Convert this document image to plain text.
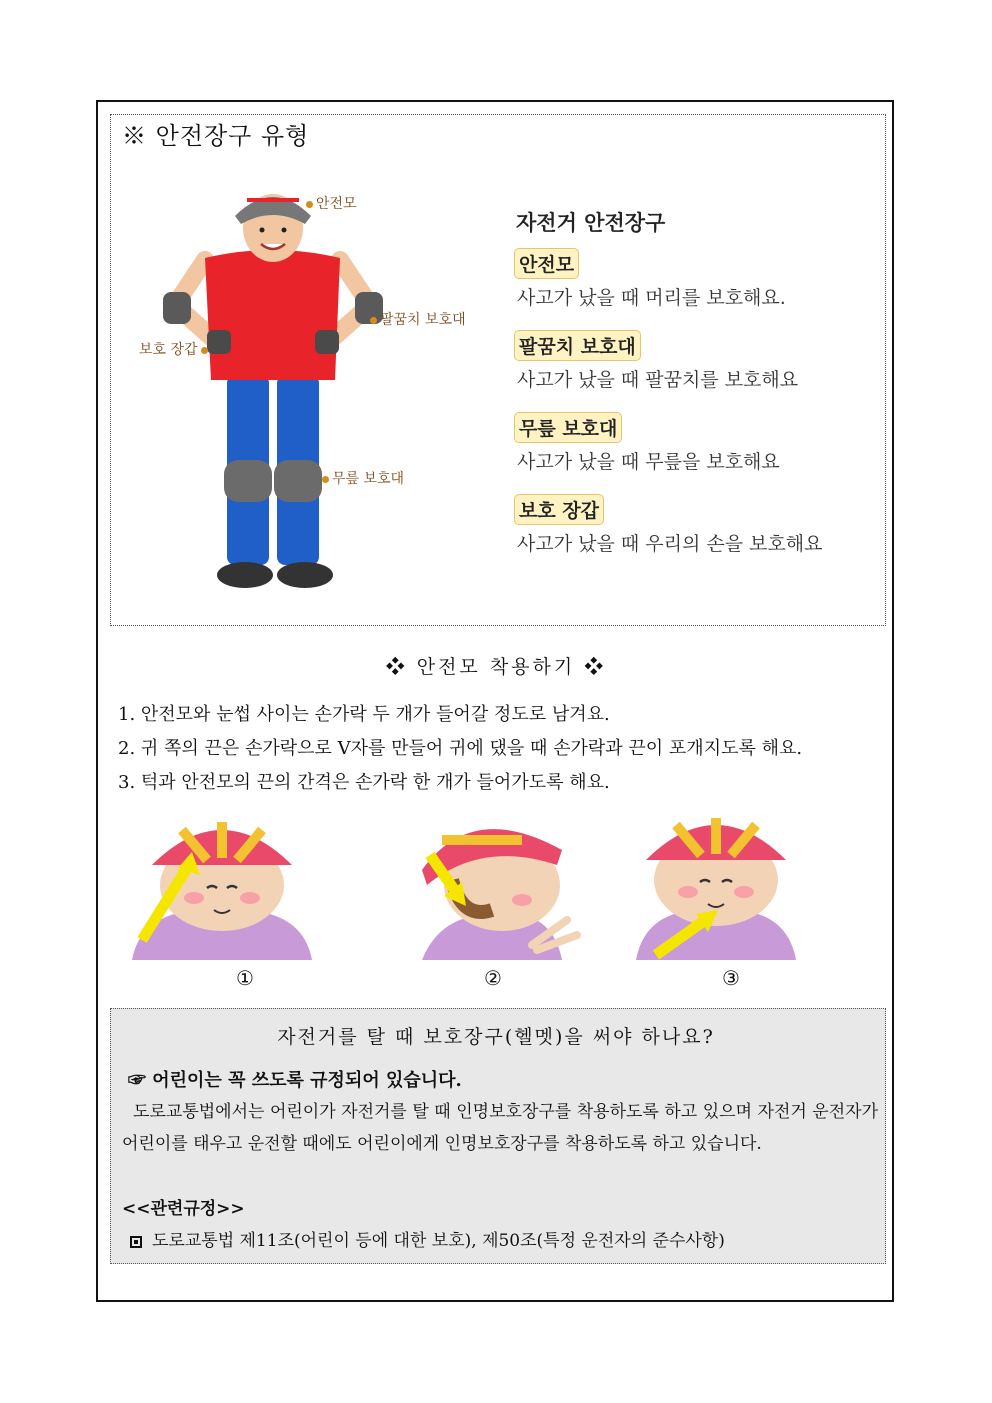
※ 안전장구 유형
안전모
팔꿈치 보호대
보호 장갑
무릎 보호대
자전거 안전장구
안전모
사고가 났을 때 머리를 보호해요.
팔꿈치 보호대
사고가 났을 때 팔꿈치를 보호해요
무릎 보호대
사고가 났을 때 무릎을 보호해요
보호 장갑
사고가 났을 때 우리의 손을 보호해요
❖ 안전모 착용하기 ❖
1. 안전모와 눈썹 사이는 손가락 두 개가 들어갈 정도로 남겨요.
2. 귀 쪽의 끈은 손가락으로 V자를 만들어 귀에 댔을 때 손가락과 끈이 포개지도록 해요.
3. 턱과 안전모의 끈의 간격은 손가락 한 개가 들어가도록 해요.
①	②	③
자전거를 탈 때 보호장구(헬멧)을 써야 하나요?
☞ 어린이는 꼭 쓰도록 규정되어 있습니다.
도로교통법에서는 어린이가 자전거를 탈 때 인명보호장구를 착용하도록 하고 있으며 자전거 운전자가 어린이를 태우고 운전할 때에도 어린이에게 인명보호장구를 착용하도록 하고 있습니다.
<<관련규정>>
도로교통법 제11조(어린이 등에 대한 보호), 제50조(특정 운전자의 준수사항)
